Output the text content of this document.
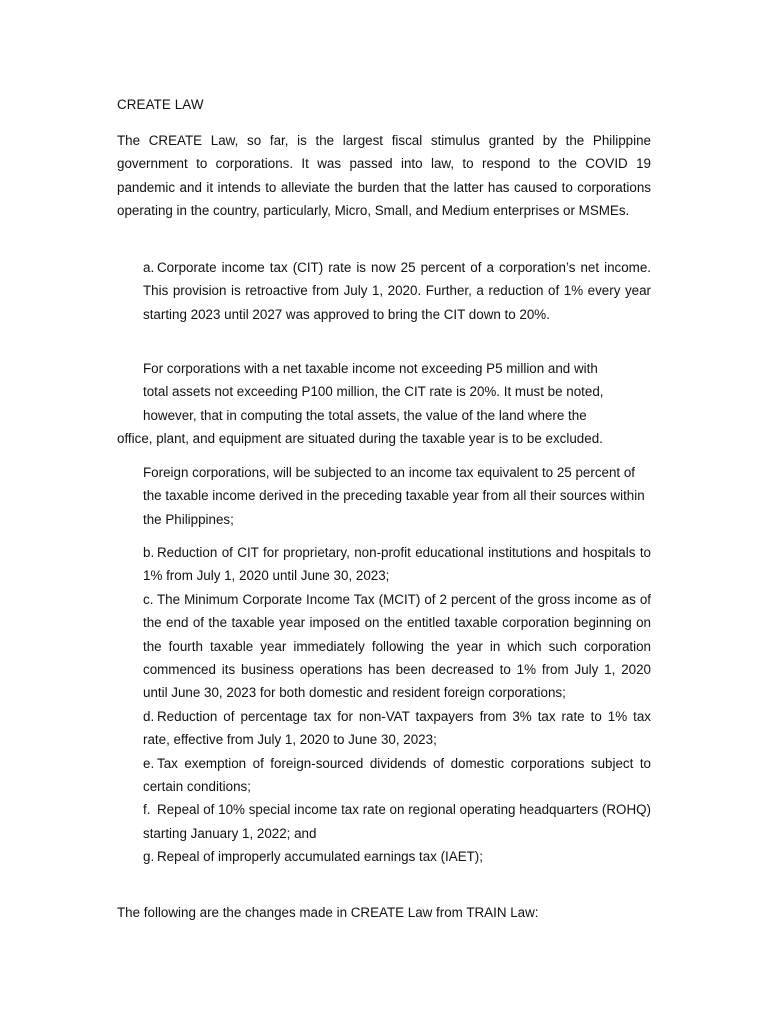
CREATE LAW

The CREATE Law, so far, is the largest fiscal stimulus granted by the Philippine government to corporations. It was passed into law, to respond to the COVID 19 pandemic and it intends to alleviate the burden that the latter has caused to corporations operating in the country, particularly, Micro, Small, and Medium enterprises or MSMEs.

a. Corporate income tax (CIT) rate is now 25 percent of a corporation’s net income. This provision is retroactive from July 1, 2020. Further, a reduction of 1% every year starting 2023 until 2027 was approved to bring the CIT down to 20%.

For corporations with a net taxable income not exceeding P5 million and with
total assets not exceeding P100 million, the CIT rate is 20%. It must be noted,
however, that in computing the total assets, the value of the land where the
office, plant, and equipment are situated during the taxable year is to be excluded.

Foreign corporations, will be subjected to an income tax equivalent to 25 percent of the taxable income derived in the preceding taxable year from all their sources within the Philippines;

b. Reduction of CIT for proprietary, non-profit educational institutions and hospitals to 1% from July 1, 2020 until June 30, 2023;

c. The Minimum Corporate Income Tax (MCIT) of 2 percent of the gross income as of the end of the taxable year imposed on the entitled taxable corporation beginning on the fourth taxable year immediately following the year in which such corporation commenced its business operations has been decreased to 1% from July 1, 2020 until June 30, 2023 for both domestic and resident foreign corporations;

d. Reduction of percentage tax for non-VAT taxpayers from 3% tax rate to 1% tax rate, effective from July 1, 2020 to June 30, 2023;

e. Tax exemption of foreign-sourced dividends of domestic corporations subject to certain conditions;

f. Repeal of 10% special income tax rate on regional operating headquarters (ROHQ) starting January 1, 2022; and

g. Repeal of improperly accumulated earnings tax (IAET);

The following are the changes made in CREATE Law from TRAIN Law:
